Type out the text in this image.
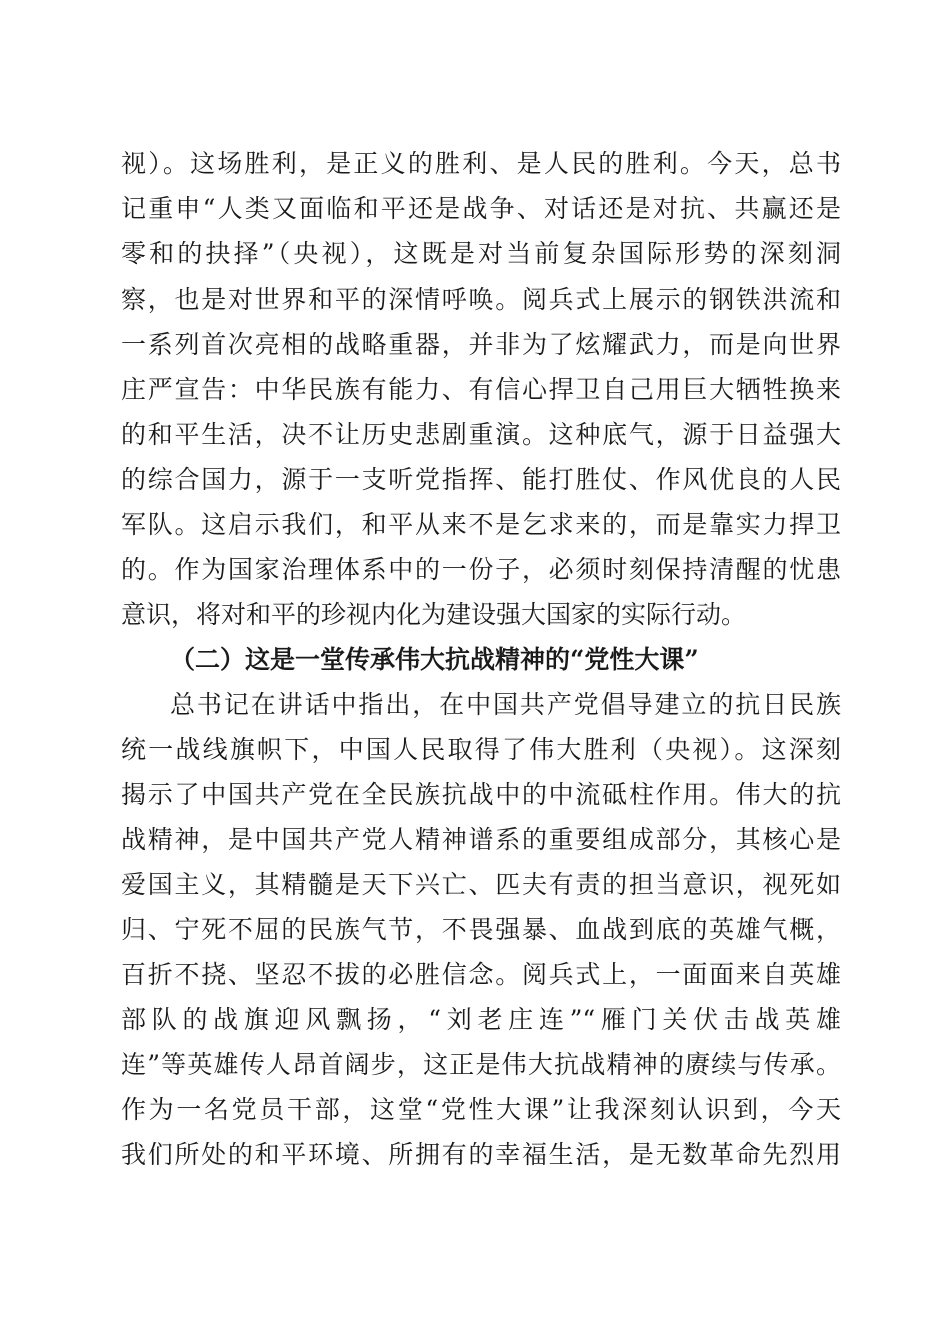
视）。这场胜利，是正义的胜利、是人民的胜利。今天，总书
记重申“人类又面临和平还是战争、对话还是对抗、共赢还是
零和的抉择”（央视），这既是对当前复杂国际形势的深刻洞
察，也是对世界和平的深情呼唤。阅兵式上展示的钢铁洪流和
一系列首次亮相的战略重器，并非为了炫耀武力，而是向世界
庄严宣告：中华民族有能力、有信心捍卫自己用巨大牺牲换来
的和平生活，决不让历史悲剧重演。这种底气，源于日益强大
的综合国力，源于一支听党指挥、能打胜仗、作风优良的人民
军队。这启示我们，和平从来不是乞求来的，而是靠实力捍卫
的。作为国家治理体系中的一份子，必须时刻保持清醒的忧患
意识，将对和平的珍视内化为建设强大国家的实际行动。
（二）这是一堂传承伟大抗战精神的“党性大课”
总书记在讲话中指出，在中国共产党倡导建立的抗日民族
统一战线旗帜下，中国人民取得了伟大胜利（央视）。这深刻
揭示了中国共产党在全民族抗战中的中流砥柱作用。伟大的抗
战精神，是中国共产党人精神谱系的重要组成部分，其核心是
爱国主义，其精髓是天下兴亡、匹夫有责的担当意识，视死如
归、宁死不屈的民族气节，不畏强暴、血战到底的英雄气概，
百折不挠、坚忍不拔的必胜信念。阅兵式上，一面面来自英雄
部队的战旗迎风飘扬，“刘老庄连”“雁门关伏击战英雄
连”等英雄传人昂首阔步，这正是伟大抗战精神的赓续与传承。
作为一名党员干部，这堂“党性大课”让我深刻认识到，今天
我们所处的和平环境、所拥有的幸福生活，是无数革命先烈用
